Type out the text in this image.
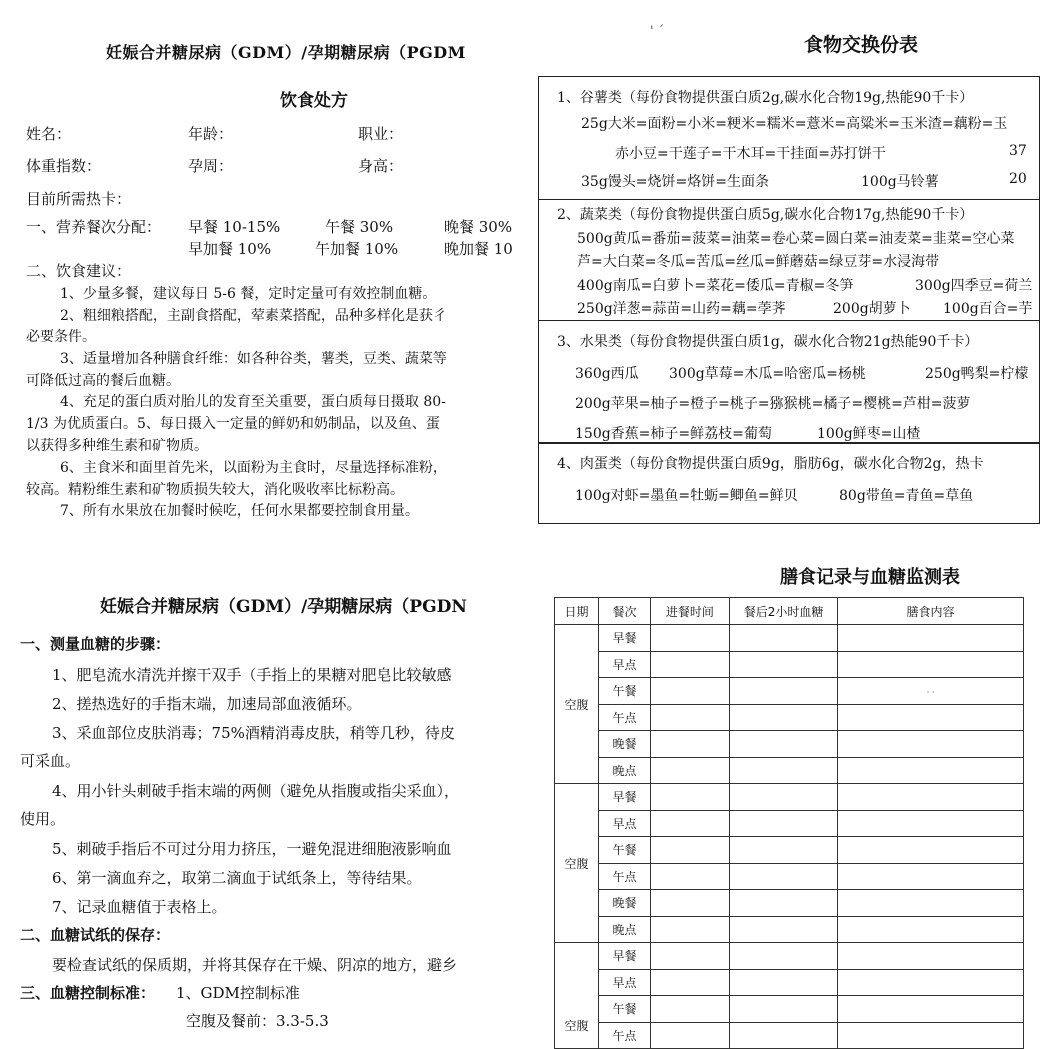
妊娠合并糖尿病（GDM）/孕期糖尿病（PGDM
饮食处方
姓名：	年龄：	职业：
体重指数：	孕周：	身高：
目前所需热卡：
一、营养餐次分配： 早餐 10-15%	午餐 30%	晚餐 30%
早加餐 10%	午加餐 10%	晚加餐 10
二、饮食建议：
1、少量多餐，建议每日 5-6 餐，定时定量可有效控制血糖。
2、粗细粮搭配，主副食搭配，荤素菜搭配，品种多样化是获彳
必要条件。
3、适量增加各种膳食纤维：如各种谷类，薯类，豆类、蔬菜等
可降低过高的餐后血糖。
4、充足的蛋白质对胎儿的发育至关重要，蛋白质每日摄取 80-
1/3 为优质蛋白。5、每日摄入一定量的鲜奶和奶制品，以及鱼、蛋
以获得多种维生素和矿物质。
6、主食米和面里首先米，以面粉为主食时，尽量选择标准粉，
较高。精粉维生素和矿物质损失较大，消化吸收率比标粉高。
7、所有水果放在加餐时候吃，任何水果都要控制食用量。
' ˊ
食物交换份表
1、谷薯类（每份食物提供蛋白质2g,碳水化合物19g,热能90千卡）
25g大米=面粉=小米=粳米=糯米=薏米=高粱米=玉米渣=藕粉=玉
赤小豆=干莲子=干木耳=干挂面=苏打饼干	37
35g馒头=烧饼=烙饼=生面条	100g马铃薯	20
2、蔬菜类（每份食物提供蛋白质5g,碳水化合物17g,热能90千卡）
500g黄瓜=番茄=菠菜=油菜=卷心菜=圆白菜=油麦菜=韭菜=空心菜
芦=大白菜=冬瓜=苦瓜=丝瓜=鲜蘑菇=绿豆芽=水浸海带
400g南瓜=白萝卜=菜花=倭瓜=青椒=冬笋	300g四季豆=荷兰
250g洋葱=蒜苗=山药=藕=荸荠	200g胡萝卜 100g百合=芋
3、水果类（每份食物提供蛋白质1g，碳水化合物21g热能90千卡）
360g西瓜 300g草莓=木瓜=哈密瓜=杨桃	250g鸭梨=柠檬
200g苹果=柚子=橙子=桃子=猕猴桃=橘子=樱桃=芦柑=菠萝
150g香蕉=柿子=鲜荔枝=葡萄	100g鲜枣=山楂
4、肉蛋类（每份食物提供蛋白质9g，脂肪6g，碳水化合物2g，热卡
100g对虾=墨鱼=牡蛎=鲫鱼=鲜贝	80g带鱼=青鱼=草鱼
妊娠合并糖尿病（GDM）/孕期糖尿病（PGDN
一、测量血糖的步骤：
1、肥皂流水清洗并擦干双手（手指上的果糖对肥皂比较敏感
2、搓热选好的手指末端，加速局部血液循环。
3、采血部位皮肤消毒；75%酒精消毒皮肤，稍等几秒，待皮
可采血。
4、用小针头刺破手指末端的两侧（避免从指腹或指尖采血），
使用。
5、刺破手指后不可过分用力挤压，一避免混进细胞液影响血
6、第一滴血弃之，取第二滴血于试纸条上，等待结果。
7、记录血糖值于表格上。
二、血糖试纸的保存：
要检查试纸的保质期，并将其保存在干燥、阴凉的地方，避乡
三、血糖控制标准： 1、GDM控制标准
空腹及餐前：3.3-5.3
膳食记录与血糖监测表
日期	餐次	进餐时间	餐后2小时血糖	膳食内容
空腹	早餐			
	早点			
	午餐			· ·
	午点			
	晚餐			
	晚点			
空腹	早餐			
	早点			
	午餐			
	午点			
	晚餐			
	晚点			
空腹	早餐			
	早点			
	午餐			
	午点			
